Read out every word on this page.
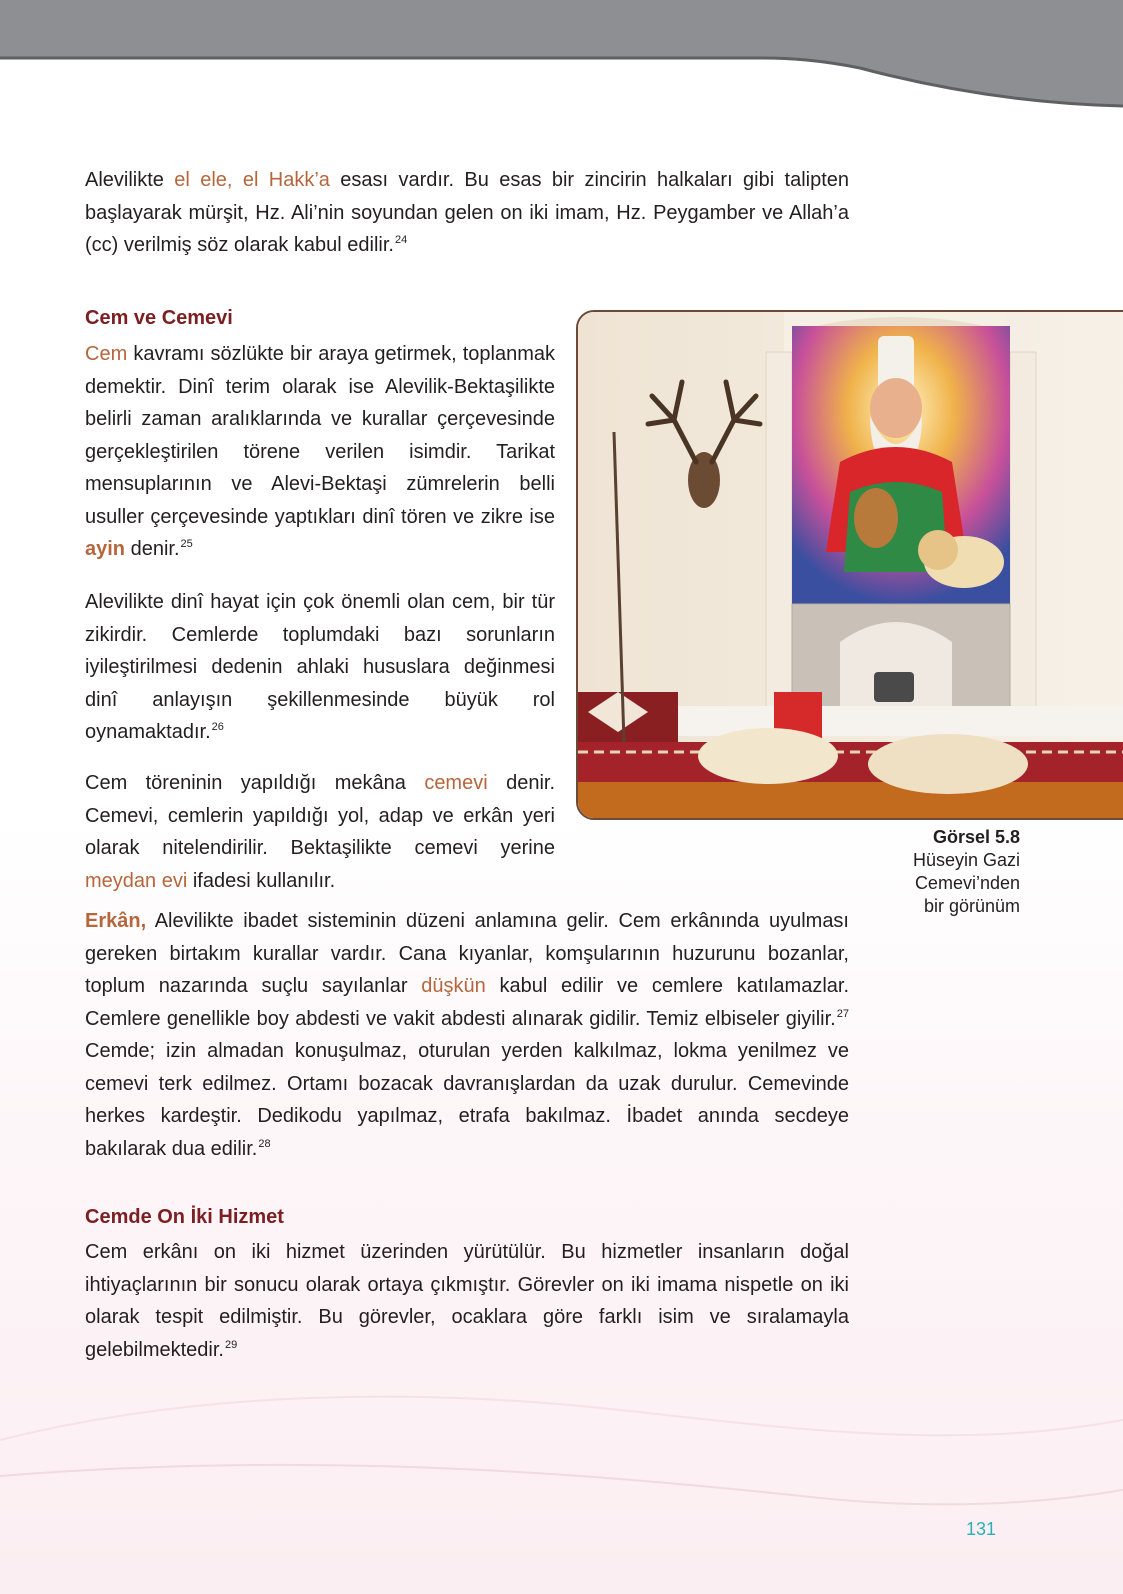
Alevilikte el ele, el Hakk’a esası vardır. Bu esas bir zincirin halkaları gibi talipten başlayarak mürşit, Hz. Ali’nin soyundan gelen on iki imam, Hz. Peygamber ve Allah’a (cc) verilmiş söz olarak kabul edilir.$^{24}$

Cem ve Cemevi

Cem kavramı sözlükte bir araya getirmek, toplanmak demektir. Dinî terim olarak ise Alevilik-Bektaşilikte belirli zaman aralıklarında ve kurallar çerçevesinde gerçekleştirilen törene verilen isimdir. Tarikat mensuplarının ve Alevi-Bektaşi zümrelerin belli usuller çerçevesinde yaptıkları dinî tören ve zikre ise ayin denir.$^{25}$

Alevilikte dinî hayat için çok önemli olan cem, bir tür zikirdir. Cemlerde toplumdaki bazı sorunların iyileştirilmesi dedenin ahlaki hususlara değinmesi dinî anlayışın şekillenmesinde büyük rol oynamaktadır.$^{26}$

Cem töreninin yapıldığı mekâna cemevi denir. Cemevi, cemlerin yapıldığı yol, adap ve erkân yeri olarak nitelendirilir. Bektaşilikte cemevi yerine meydan evi ifadesi kullanılır.

Erkân, Alevilikte ibadet sisteminin düzeni anlamına gelir. Cem erkânında uyulması gereken birtakım kurallar vardır. Cana kıyanlar, komşularının huzurunu bozanlar, toplum nazarında suçlu sayılanlar düşkün kabul edilir ve cemlere katılamazlar. Cemlere genellikle boy abdesti ve vakit abdesti alınarak gidilir. Temiz elbiseler giyilir.$^{27}$ Cemde; izin almadan konuşulmaz, oturulan yerden kalkılmaz, lokma yenilmez ve cemevi terk edilmez. Ortamı bozacak davranışlardan da uzak durulur. Cemevinde herkes kardeştir. Dedikodu yapılmaz, etrafa bakılmaz. İbadet anında secdeye bakılarak dua edilir.$^{28}$

Cemde On İki Hizmet

Cem erkânı on iki hizmet üzerinden yürütülür. Bu hizmetler insanların doğal ihtiyaçlarının bir sonucu olarak ortaya çıkmıştır. Görevler on iki imama nispetle on iki olarak tespit edilmiştir. Bu görevler, ocaklara göre farklı isim ve sıralamayla gelebilmektedir.$^{29}$

Görsel 5.8
Hüseyin Gazi
Cemevi’nden
bir görünüm
131
